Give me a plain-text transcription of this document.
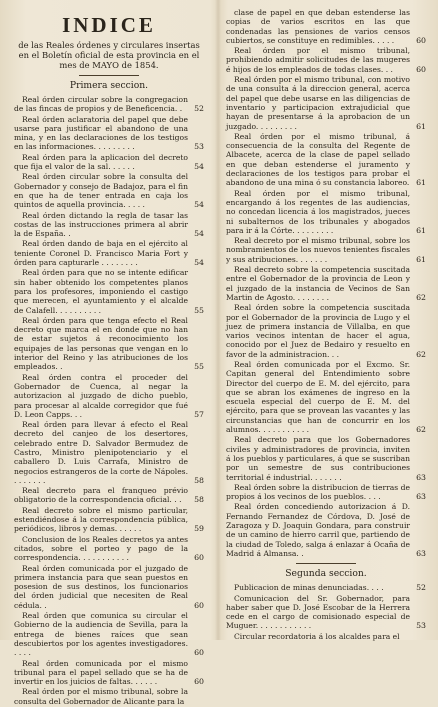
INDICE
de las Reales órdenes y circulares insertas en el Boletín oficial de esta provincia en el mes de MAYO de 1854.
Primera seccion.
Real órden circular sobre la congregacion de las fincas de propios y de Beneficencia. .	52
Real órden aclaratoria del papel que debe usarse para justificar el abandono de una mina, y en las declaraciones de los testigos en las informaciones. . . . . . . . .	53
Real órden para la aplicacion del decreto que fija el valor de la sal. . . . . .	54
Real órden circular sobre la consulta del Gobernador y consejo de Badajoz, para el fin en que ha de tener entrada en caja los quintos de aquella provincia. . . . .	54
Real órden dictando la regla de tasar las costas de las instrucciones primera al abrir la de España. .	54
Real órden dando de baja en el ejército al teniente Coronel D. Francisco Maria Fort y órden para capturarle . . . . . . . .	54
Real órden para que no se intente edificar sin haber obtenido los competentes planos para los profesores, imponiendo el castigo que merecen, el ayuntamiento y el alcalde de Calafell. . . . . . . . . .	55
Real órden para que tenga efecto el Real decreto que marca el en donde que no han de estar sujetos á reconocimiento los equipajes de las personas que vengan en lo interior del Reino y las atribuciones de los empleados. .	55
Real órden contra el proceder del Gobernador de Cuenca, al negar la autorizacion al juzgado de dicho pueblo, para procesar al alcalde corregidor que fué D. Leon Capps. . .	57
Real órden para llevar á efecto el Real decreto del canjeo de los desertores, celebrado entre D. Salvador Bermudez de Castro, Ministro plenipotenciario y el caballero D. Luis Carrafa, Ministro de negocios estrangeros de la corte de Nápoles. . . . . . . .	58
Real decreto para el franqueo prévio obligatorio de la correspondencia oficial. . .	58
Real decreto sobre el mismo particular, estendiéndose á la correspondencia pública, periódicos, libros y demas. . . . . .	59
Conclusion de los Reales decretos ya antes citados, sobre el porteo y pago de la correspondencia. . . . . . . . . . .	60
Real órden comunicada por el juzgado de primera instancia para que sean puestos en posesion de sus destinos, los funcionarios del órden judicial que necesiten de Real cédula. .	60
Real órden que comunica su circular el Gobierno de la audiencia de Sevilla, para la entrega de bienes raíces que sean descubiertos por los agentes investigadores. . . . .	60
Real órden comunicada por el mismo tribunal para el papel sellado que se ha de invertir en los juicios de faltas. . . . . .	60
Real órden por el mismo tribunal, sobre la consulta del Gobernador de Alicante para la
clase de papel en que deban estenderse las copias de varios escritos en las que condenadas las pensiones de varios censos cubiertos, se constituye en redimibles. . . . .	60
Real órden por el mismo tribunal, prohibiendo admitir solicitudes de las mugeres é hijos de los empleados de todas clases. . .	60
Real órden por el mismo tribunal, con motivo de una consulta á la direccion general, acerca del papel que debe usarse en las diligencias de inventario y participacion extrajudicial que hayan de presentarse á la aprobacion de un juzgado. . . . . . . . .	61
Real órden por el mismo tribunal, á consecuencia de la consulta del Regente de Albacete, acerca de la clase de papel sellado en que deban estenderse el juramento y declaraciones de los testigos para probar el abandono de una mina ó su constancia laboreo. 61
Real órden por el mismo tribunal, encargando á los regentes de las audiencias, no concedan licencia á los magistrados, jueces ni subalternos de los tribunales y abogados para ir á la Córte. . . . . . . . .	61
Real decreto por el mismo tribunal, sobre los nombramientos de los nuevos tenientes fiscales y sus atribuciones. . . . . . .	61
Real decreto sobre la competencia suscitada entre el Gobernador de la provincia de Leon y el juzgado de la instancia de Vecinos de San Martin de Agosto. . . . . . . .	62
Real órden sobre la competencia suscitada por el Gobernador de la provincia de Lugo y el juez de primera instancia de Villalba, en que varios vecinos intentan de hacer el agua, conocido por el Juez de Bedairo y resuelto en favor de la administracion. . .	62
Real órden comunicada por el Excmo. Sr. Capitan general del Entendimiento sobre Director del cuerpo de E. M. del ejército, para que se abran los exámenes de ingreso en la escuela especial del cuerpo de E. M. del ejército, para que se provean las vacantes y las circunstancias que han de concurrir en los alumnos. . . . . . . . . . .	62
Real decreto para que los Gobernadores civiles y administradores de provincia, inviten á los pueblos y particulares, á que se suscriban por un semestre de sus contribuciones territorial é industrial. . . . . . .	63
Real órden sobre la distribucion de tierras de propios á los vecinos de los pueblos. . . .	63
Real órden concediendo autorizacion á D. Fernando Fernandez de Córdova, D. José de Zaragoza y D. Joaquin Gondara, para construir de un camino de hierro carril que, partiendo de la ciudad de Toledo, salga á enlazar á Ocaña de Madrid á Almansa. .	63
Segunda seccion.
Publicacion de minas denunciadas. . . .	52
Comunicacion del Sr. Gobernador, para haber saber que D. José Escobar de la Herrera cede en el cargo de comisionado especial de Muguer. . . . . . . . . . . .	53
Circular recordatoria á los alcaldes para el
